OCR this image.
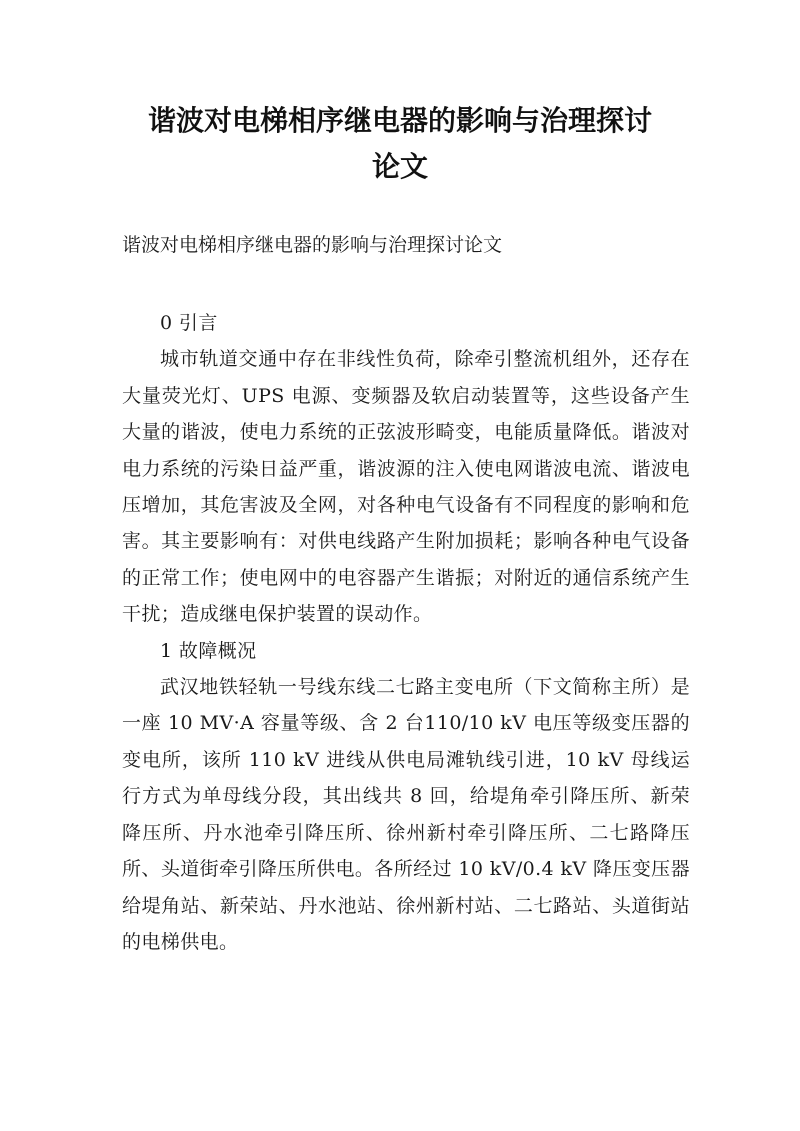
谐波对电梯相序继电器的影响与治理探讨
论文

谐波对电梯相序继电器的影响与治理探讨论文

0 引言

城市轨道交通中存在非线性负荷，除牵引整流机组外，还存在大量荧光灯、UPS 电源、变频器及软启动装置等，这些设备产生大量的谐波，使电力系统的正弦波形畸变，电能质量降低。谐波对电力系统的污染日益严重，谐波源的注入使电网谐波电流、谐波电压增加，其危害波及全网，对各种电气设备有不同程度的影响和危害。其主要影响有：对供电线路产生附加损耗；影响各种电气设备的正常工作；使电网中的电容器产生谐振；对附近的通信系统产生干扰；造成继电保护装置的误动作。

1 故障概况

武汉地铁轻轨一号线东线二七路主变电所（下文简称主所）是一座 10 MV·A 容量等级、含 2 台110/10 kV 电压等级变压器的变电所，该所 110 kV 进线从供电局滩轨线引进，10 kV 母线运行方式为单母线分段，其出线共 8 回，给堤角牵引降压所、新荣降压所、丹水池牵引降压所、徐州新村牵引降压所、二七路降压所、头道街牵引降压所供电。各所经过 10 kV/0.4 kV 降压变压器给堤角站、新荣站、丹水池站、徐州新村站、二七路站、头道街站的电梯供电。
